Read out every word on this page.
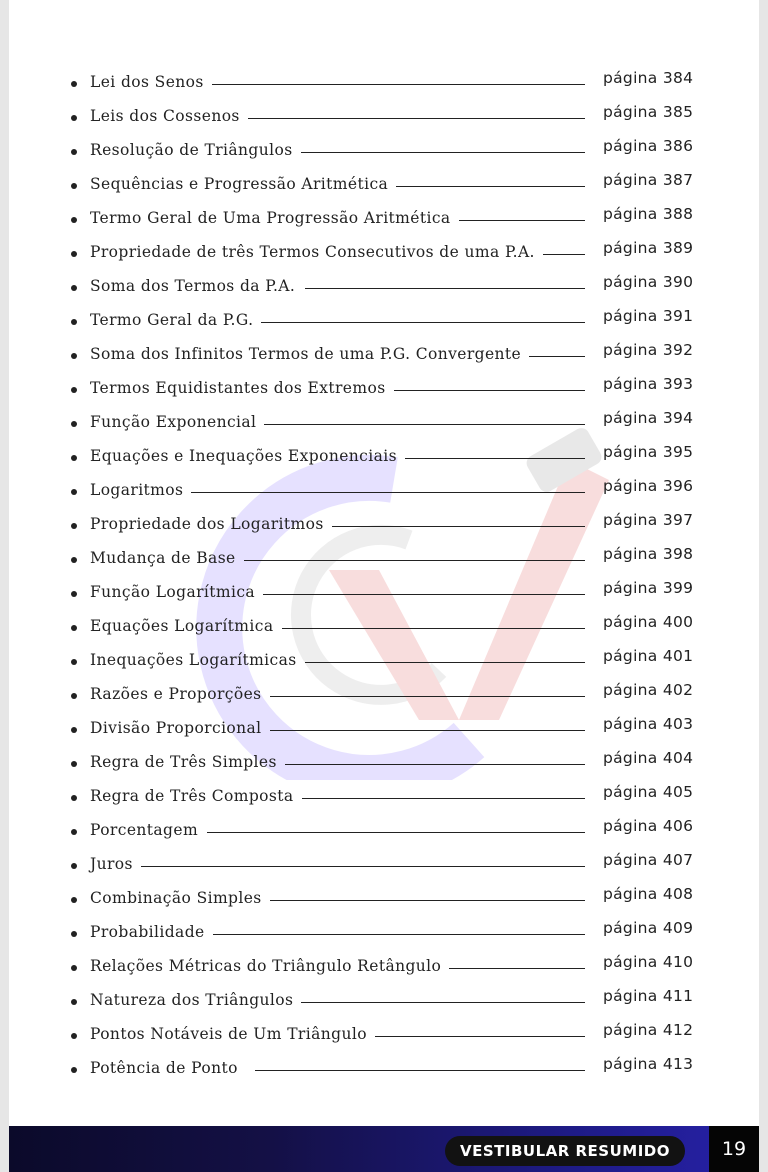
Lei dos Senos	página 384
Leis dos Cossenos	página 385
Resolução de Triângulos	página 386
Sequências e Progressão Aritmética	página 387
Termo Geral de Uma Progressão Aritmética	página 388
Propriedade de três Termos Consecutivos de uma P.A.	página 389
Soma dos Termos da P.A.	página 390
Termo Geral da P.G.	página 391
Soma dos Infinitos Termos de uma P.G. Convergente	página 392
Termos Equidistantes dos Extremos	página 393
Função Exponencial	página 394
Equações e Inequações Exponenciais	página 395
Logaritmos	página 396
Propriedade dos Logaritmos	página 397
Mudança de Base	página 398
Função Logarítmica	página 399
Equações Logarítmica	página 400
Inequações Logarítmicas	página 401
Razões e Proporções	página 402
Divisão Proporcional	página 403
Regra de Três Simples	página 404
Regra de Três Composta	página 405
Porcentagem	página 406
Juros	página 407
Combinação Simples	página 408
Probabilidade	página 409
Relações Métricas do Triângulo Retângulo	página 410
Natureza dos Triângulos	página 411
Pontos Notáveis de Um Triângulo	página 412
Potência de Ponto	página 413
VESTIBULAR RESUMIDO	19
